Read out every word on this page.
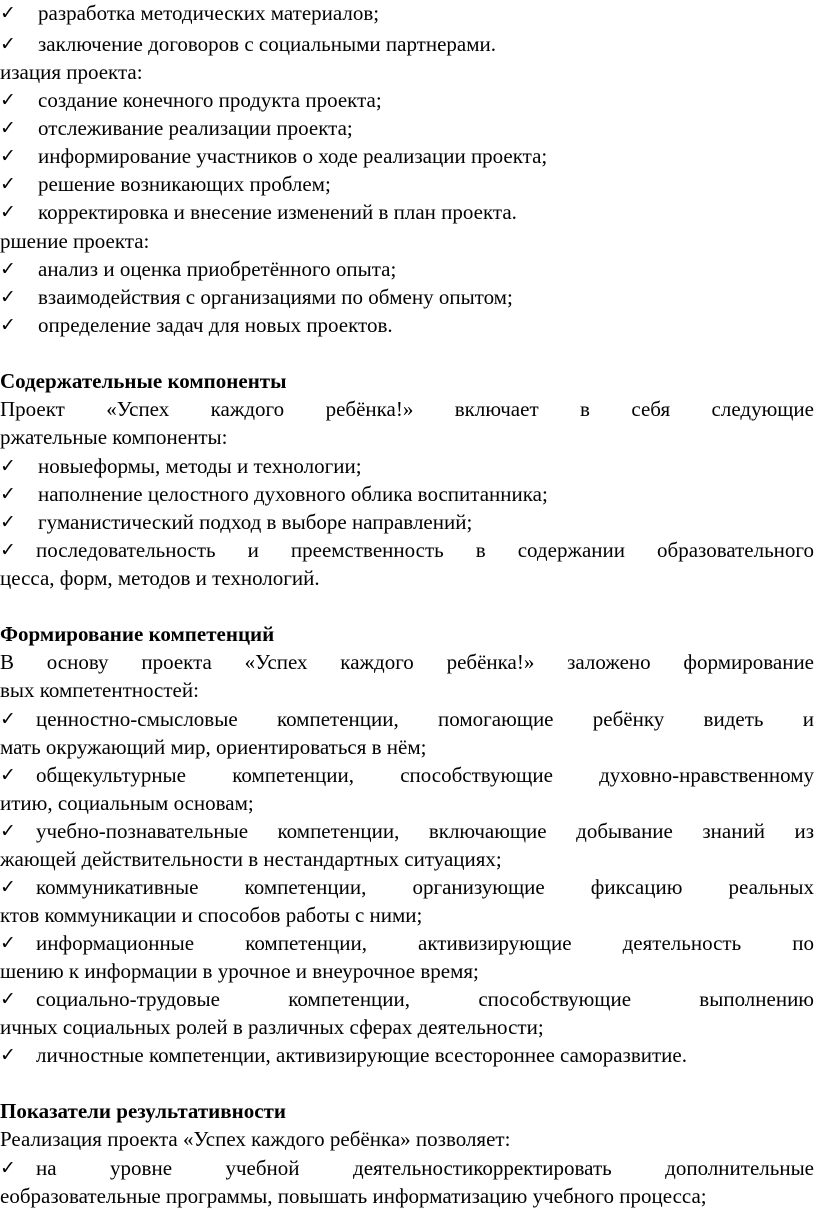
✓	разработка методических материалов;
✓	заключение договоров с социальными партнерами.
изация проекта:
✓	создание конечного продукта проекта;
✓	отслеживание реализации проекта;
✓	информирование участников о ходе реализации проекта;
✓	решение возникающих проблем;
✓	корректировка и внесение изменений в план проекта.
ршение проекта:
✓	анализ и оценка приобретённого опыта;
✓	взаимодействия с организациями по обмену опытом;
✓	определение задач для новых проектов.
Содержательные компоненты
Проект «Успех каждого ребёнка!» включает в себя следующие
ржательные компоненты:
✓	новыеформы, методы и технологии;
✓	наполнение целостного духовного облика воспитанника;
✓	гуманистический подход в выборе направлений;
✓ последовательность и преемственность в содержании образовательного
цесса, форм, методов и технологий.
Формирование компетенций
В основу проекта «Успех каждого ребёнка!» заложено формирование
вых компетентностей:
✓ ценностно-смысловые компетенции, помогающие ребёнку видеть и
мать окружающий мир, ориентироваться в нём;
✓ общекультурные компетенции, способствующие духовно-нравственному
итию, социальным основам;
✓ учебно-познавательные компетенции, включающие добывание знаний из
жающей действительности в нестандартных ситуациях;
✓ коммуникативные компетенции, организующие фиксацию реальных
ктов коммуникации и способов работы с ними;
✓ информационные компетенции, активизирующие деятельность по
шению к информации в урочное и внеурочное время;
✓ социально-трудовые компетенции, способствующие выполнению
ичных социальных ролей в различных сферах деятельности;
✓ личностные компетенции, активизирующие всестороннее саморазвитие.
Показатели результативности
Реализация проекта «Успех каждого ребёнка» позволяет:
✓ на уровне учебной деятельностикорректировать дополнительные
еобразовательные программы, повышать информатизацию учебного процесса;
